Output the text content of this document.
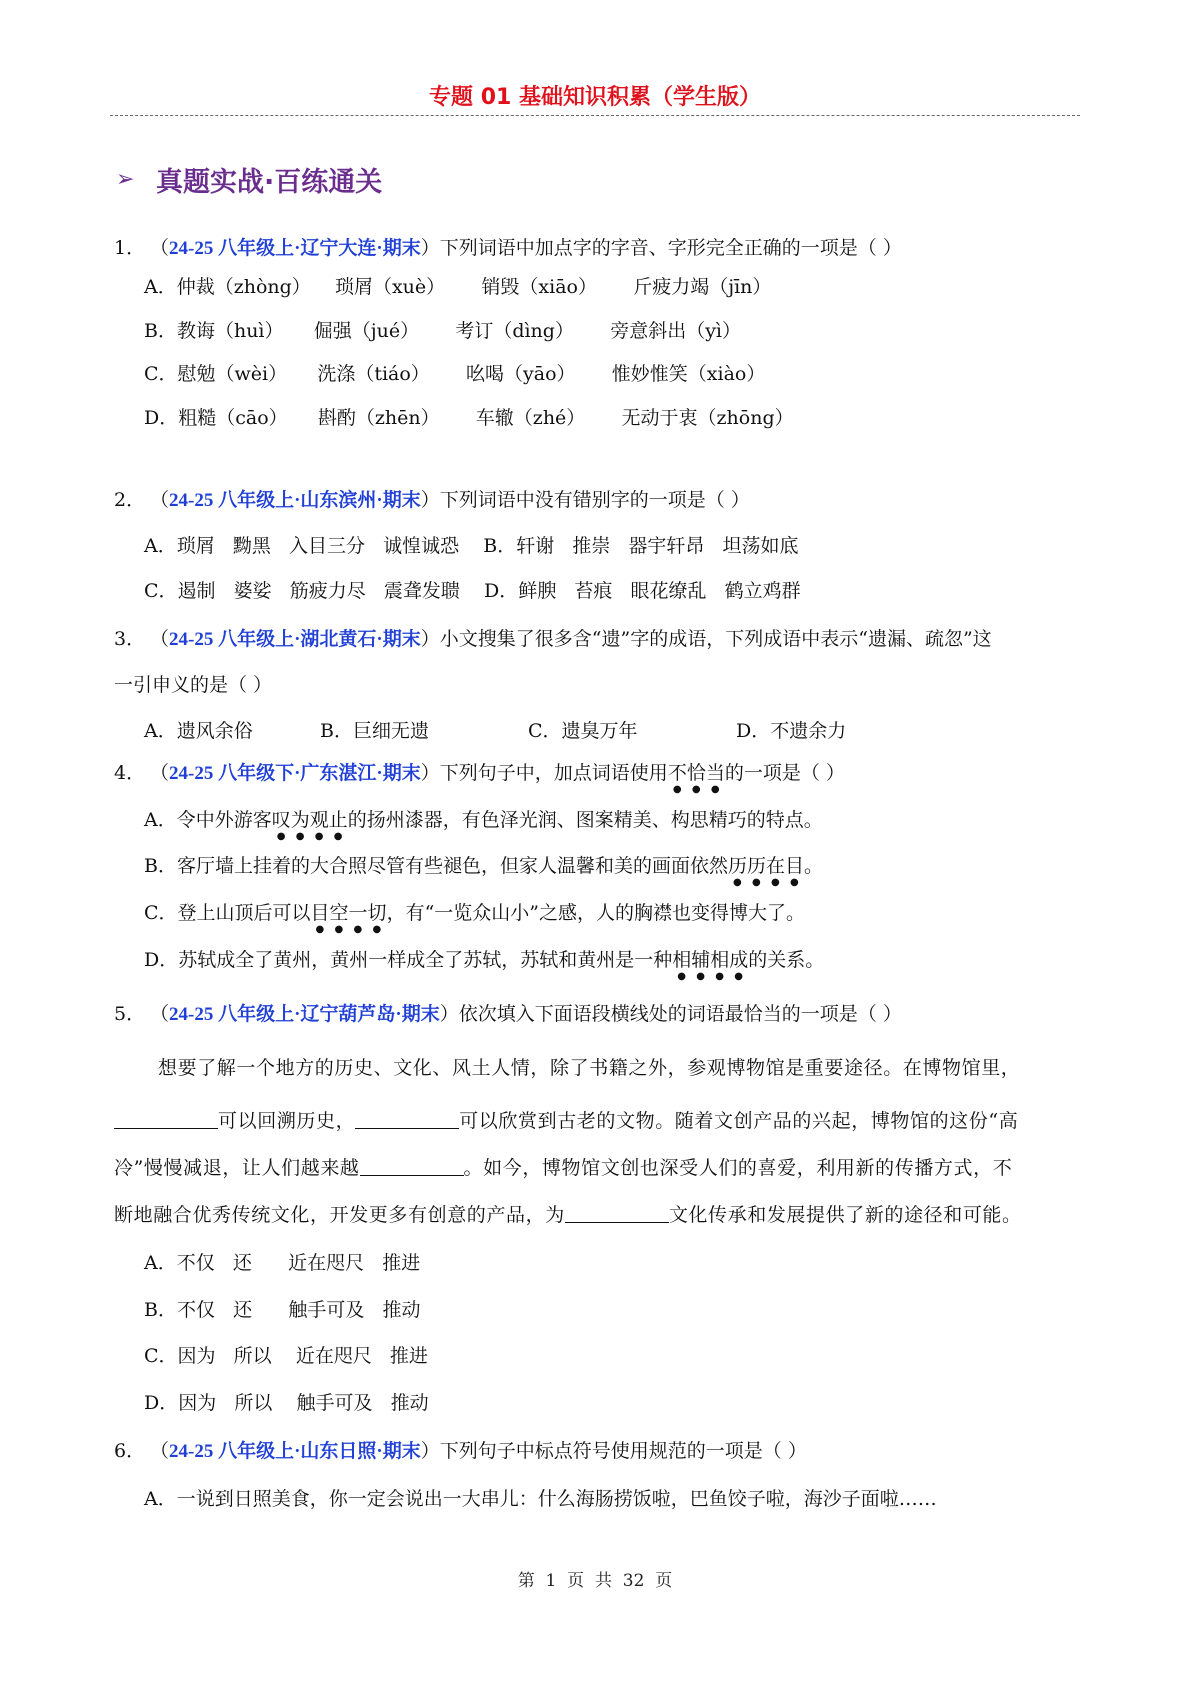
专题 01 基础知识积累（学生版）
➢ 真题实战·百练通关
1． （24-25 八年级上·辽宁大连·期末）下列词语中加点字的字音、字形完全正确的一项是（ ）
A．仲裁（zhòng）    琐屑（xuè）      销毁（xiāo）      斤疲力竭（jīn）
B．教诲（huì）     倔强（jué）      考订（dìng）      旁意斜出（yì）
C．慰勉（wèi）     洗涤（tiáo）      吆喝（yāo）      惟妙惟笑（xiào）
D．粗糙（cāo）     斟酌（zhēn）      车辙（zhé）      无动于衷（zhōng）
2． （24-25 八年级上·山东滨州·期末）下列词语中没有错别字的一项是（ ）
A．琐屑   黝黑   入目三分   诚惶诚恐    B．轩谢   推崇   器宇轩昂   坦荡如底
C．遏制   婆娑   筋疲力尽   震聋发聩    D．鲜腴   苔痕   眼花缭乱   鹤立鸡群
3． （24-25 八年级上·湖北黄石·期末）小文搜集了很多含“遗”字的成语，下列成语中表示“遗漏、疏忽”这
一引申义的是（ ）
A．遗风余俗	B．巨细无遗	C．遗臭万年	D．不遗余力
4． （24-25 八年级下·广东湛江·期末）下列句子中，加点词语使用不恰当的一项是（ ）
A．令中外游客叹为观止的扬州漆器，有色泽光润、图案精美、构思精巧的特点。
B．客厅墙上挂着的大合照尽管有些褪色，但家人温馨和美的画面依然历历在目。
C．登上山顶后可以目空一切，有“一览众山小”之感，人的胸襟也变得博大了。
D．苏轼成全了黄州，黄州一样成全了苏轼，苏轼和黄州是一种相辅相成的关系。
5． （24-25 八年级上·辽宁葫芦岛·期末）依次填入下面语段横线处的词语最恰当的一项是（ ）
想要了解一个地方的历史、文化、风土人情，除了书籍之外，参观博物馆是重要途径。在博物馆里，
可以回溯历史，	可以欣赏到古老的文物。随着文创产品的兴起，博物馆的这份“高
冷”慢慢减退，让人们越来越	。如今，博物馆文创也深受人们的喜爱，利用新的传播方式，不
断地融合优秀传统文化，开发更多有创意的产品，为	文化传承和发展提供了新的途径和可能。
A．不仅   还      近在咫尺   推进
B．不仅   还      触手可及   推动
C．因为   所以    近在咫尺   推进
D．因为   所以    触手可及   推动
6． （24-25 八年级上·山东日照·期末）下列句子中标点符号使用规范的一项是（ ）
A．一说到日照美食，你一定会说出一大串儿：什么海肠捞饭啦，巴鱼饺子啦，海沙子面啦……
第  1  页  共  32  页
